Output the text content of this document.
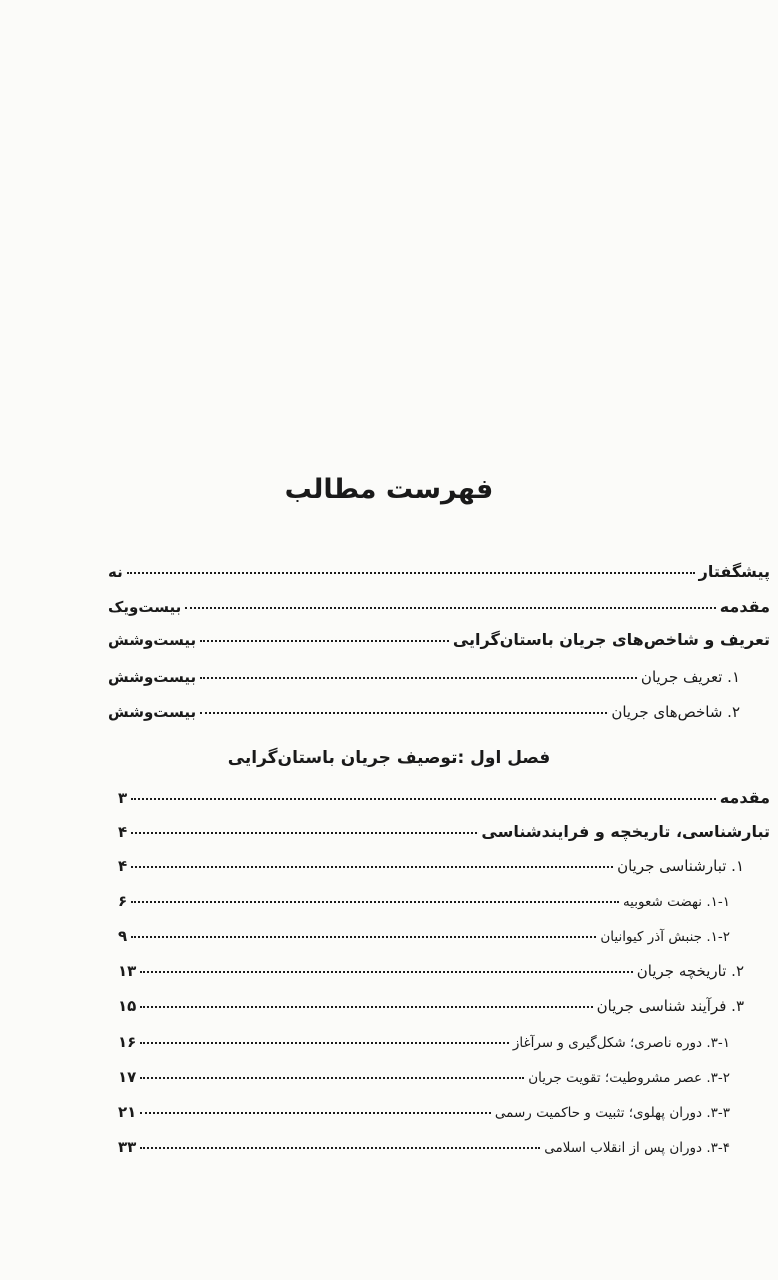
فهرست مطالب
پیشگفتار
نه
مقدمه
بیست‌ویک
تعریف و شاخص‌های جریان باستان‌گرایی
بیست‌وشش
۱. تعریف جریان
بیست‌وشش
۲. شاخص‌های جریان
بیست‌وشش
فصل اول :توصیف جریان باستان‌گرایی
مقدمه
۳
تبارشناسی، تاریخچه و فرایندشناسی
۴
۱. تبارشناسی جریان
۴
۱-۱. نهضت شعوبیه
۶
۱-۲. جنبش آذر کیوانیان
۹
۲. تاریخچه جریان
۱۳
۳. فرآیند شناسی جریان
۱۵
۳-۱. دوره ناصری؛ شکل‌گیری و سرآغاز
۱۶
۳-۲. عصر مشروطیت؛ تقویت جریان
۱۷
۳-۳. دوران پهلوی؛ تثبیت و حاکمیت رسمی
۲۱
۳-۴. دوران پس از انقلاب اسلامی
۳۳
